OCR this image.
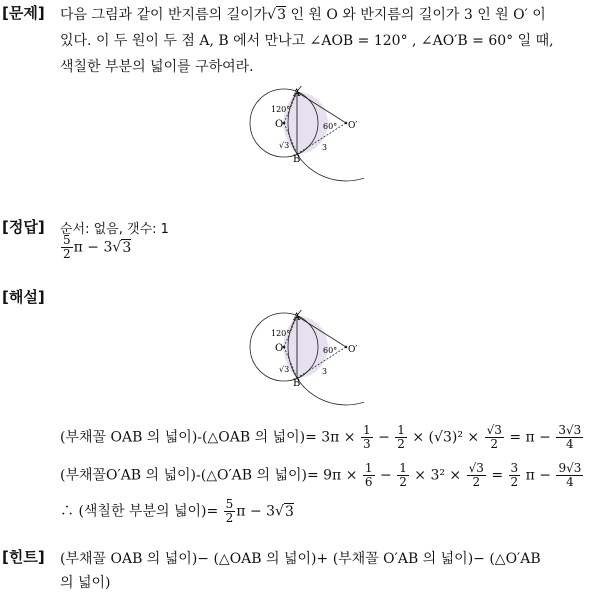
[문제] 다음 그림과 같이 반지름의 길이가√3 인 원 O 와 반지름의 길이가 3 인 원 O′ 이
있다. 이 두 원이 두 점 A, B 에서 만나고 ∠AOB = 120° , ∠AO′B = 60° 일 때,
색칠한 부분의 넓이를 구하여라.
A
B
O	O′
120°
60°
√3	3
[정답] 순서: 없음, 갯수: 1
$\frac{5}{2}$ π − 3√3
[해설]
A
B
O	O′
120°
60°
√3	3
(부채꼴 OAB 의 넓이)-(△OAB 의 넓이)= $3\pi \times \frac{1}{3} - \frac{1}{2} \times (√3)^2 \times \frac{√3}{2} = \pi - \frac{3√3}{4}$
(부채꼴O′AB 의 넓이)-(△O′AB 의 넓이)= $9\pi \times \frac{1}{6} - \frac{1}{2} \times 3^2 \times \frac{√3}{2} = \frac{3}{2}$ $\pi - \frac{9√3}{4}$
∴ (색칠한 부분의 넓이)= $\frac{5}{2}$ π − 3√3
[힌트] (부채꼴 OAB 의 넓이)− (△OAB 의 넓이)+ (부채꼴 O′AB 의 넓이)− (△O′AB
의 넓이)
